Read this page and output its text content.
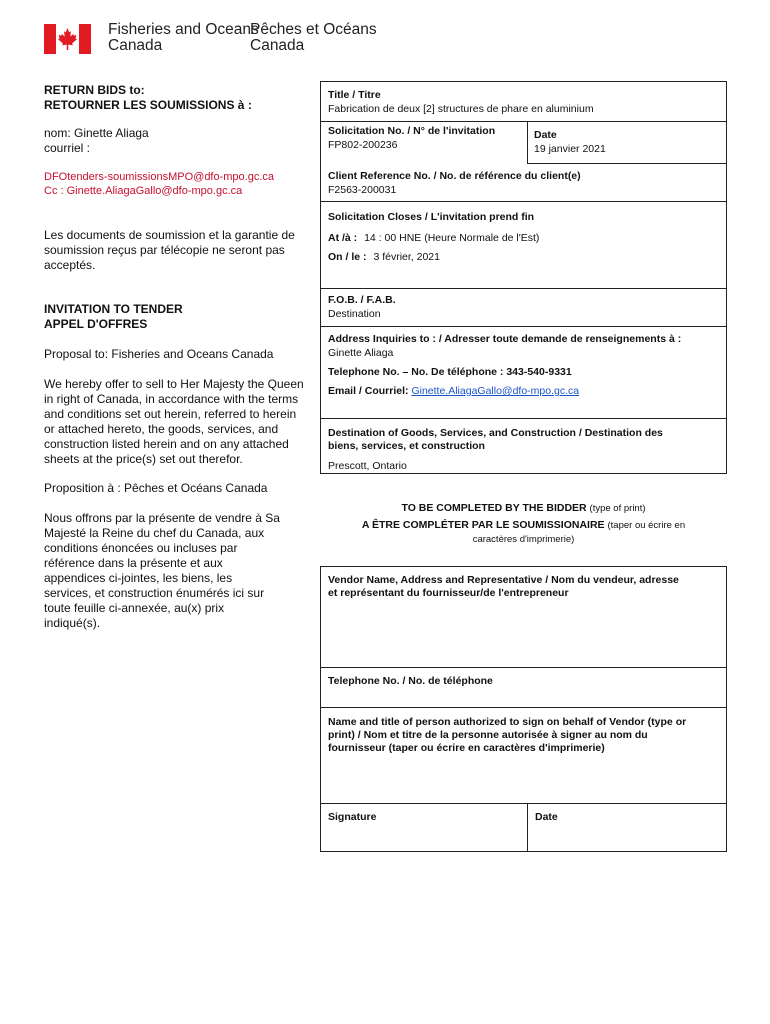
Fisheries and Oceans
Canada
Pêches et Océans
Canada
RETURN BIDS to:
RETOURNER LES SOUMISSIONS à :
nom: Ginette Aliaga
courriel :
DFOtenders-soumissionsMPO@dfo-mpo.gc.ca
Cc : Ginette.AliagaGallo@dfo-mpo.gc.ca
Les documents de soumission et la garantie de
soumission reçus par télécopie ne seront pas
acceptés.
INVITATION TO TENDER
APPEL D'OFFRES
Proposal to: Fisheries and Oceans Canada
We hereby offer to sell to Her Majesty the Queen
in right of Canada, in accordance with the terms
and conditions set out herein, referred to herein
or attached hereto, the goods, services, and
construction listed herein and on any attached
sheets at the price(s) set out therefor.
Proposition à : Pêches et Océans Canada
Nous offrons par la présente de vendre à Sa
Majesté la Reine du chef du Canada, aux
conditions énoncées ou incluses par
référence dans la présente et aux
appendices ci-jointes, les biens, les
services, et construction énumérés ici sur
toute feuille ci-annexée, au(x) prix
indiqué(s).
Title / Titre
Fabrication de deux [2] structures de phare en aluminium
Solicitation No. / N° de l'invitation
FP802-200236
Date
19 janvier 2021
Client Reference No. / No. de référence du client(e)
F2563-200031
Solicitation Closes / L'invitation prend fin
At /à : 14 : 00 HNE (Heure Normale de l'Est)
On / le : 3 février, 2021
F.O.B. / F.A.B.
Destination
Address Inquiries to : / Adresser toute demande de renseignements à :
Ginette Aliaga
Telephone No. – No. De téléphone : 343-540-9331
Email / Courriel: Ginette.AliagaGallo@dfo-mpo.gc.ca
Destination of Goods, Services, and Construction / Destination des
biens, services, et construction
Prescott, Ontario
TO BE COMPLETED BY THE BIDDER (type of print)
A ÊTRE COMPLÉTER PAR LE SOUMISSIONAIRE (taper ou écrire en
caractères d'imprimerie)
Vendor Name, Address and Representative / Nom du vendeur, adresse
et représentant du fournisseur/de l'entrepreneur
Telephone No. / No. de téléphone
Name and title of person authorized to sign on behalf of Vendor (type or
print) / Nom et titre de la personne autorisée à signer au nom du
fournisseur (taper ou écrire en caractères d'imprimerie)
Signature	Date
